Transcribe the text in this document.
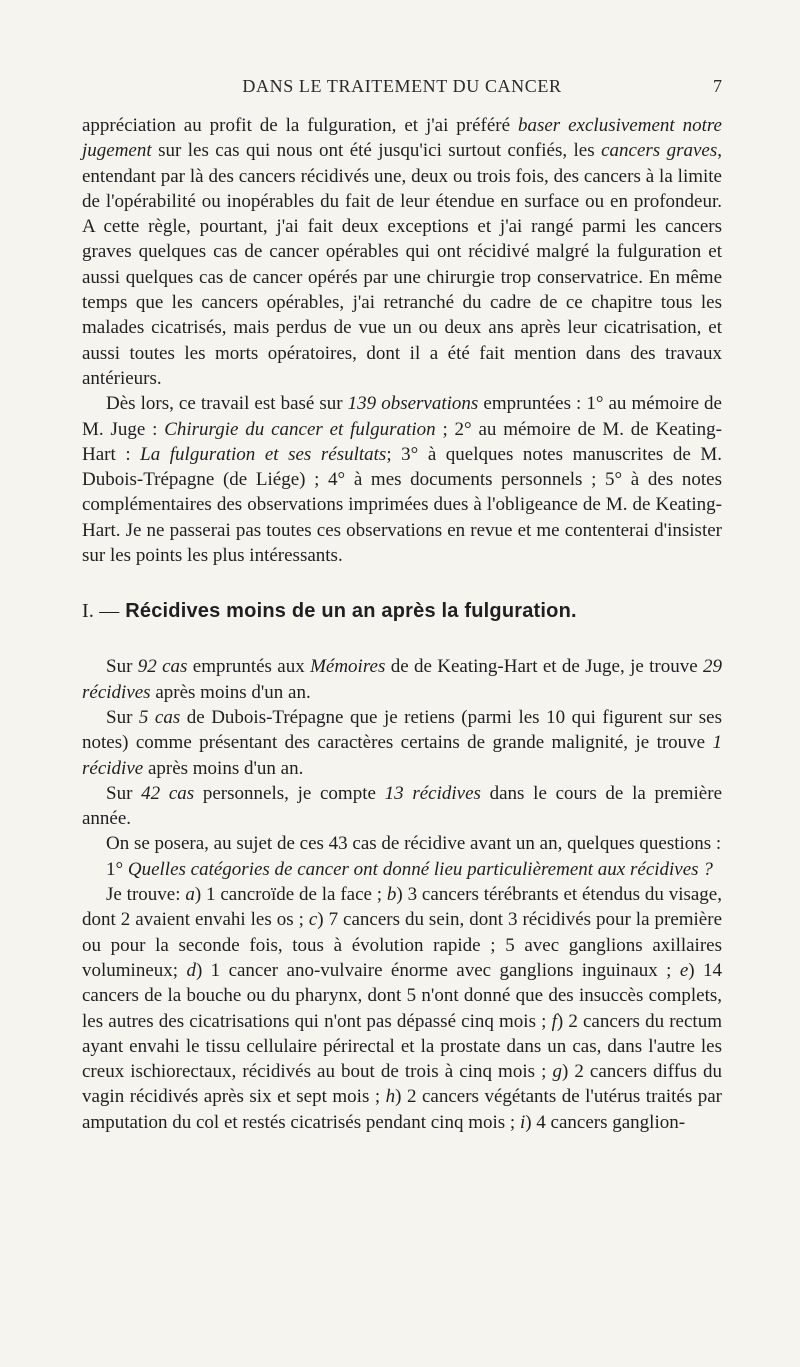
DANS LE TRAITEMENT DU CANCER	7

appréciation au profit de la fulguration, et j'ai préféré baser exclusivement notre jugement sur les cas qui nous ont été jusqu'ici surtout confiés, les cancers graves, entendant par là des cancers récidivés une, deux ou trois fois, des cancers à la limite de l'opérabilité ou inopérables du fait de leur étendue en surface ou en profondeur. A cette règle, pourtant, j'ai fait deux exceptions et j'ai rangé parmi les cancers graves quelques cas de cancer opérables qui ont récidivé malgré la fulguration et aussi quelques cas de cancer opérés par une chirurgie trop conservatrice. En même temps que les cancers opérables, j'ai retranché du cadre de ce chapitre tous les malades cicatrisés, mais perdus de vue un ou deux ans après leur cicatrisation, et aussi toutes les morts opératoires, dont il a été fait mention dans des travaux antérieurs.

Dès lors, ce travail est basé sur 139 observations empruntées : 1° au mémoire de M. Juge : Chirurgie du cancer et fulguration ; 2° au mémoire de M. de Keating-Hart : La fulguration et ses résultats; 3° à quelques notes manuscrites de M. Dubois-Trépagne (de Liége) ; 4° à mes documents personnels ; 5° à des notes complémentaires des observations imprimées dues à l'obligeance de M. de Keating-Hart. Je ne passerai pas toutes ces observations en revue et me contenterai d'insister sur les points les plus intéressants.

I. — Récidives moins de un an après la fulguration.

Sur 92 cas empruntés aux Mémoires de de Keating-Hart et de Juge, je trouve 29 récidives après moins d'un an.

Sur 5 cas de Dubois-Trépagne que je retiens (parmi les 10 qui figurent sur ses notes) comme présentant des caractères certains de grande malignité, je trouve 1 récidive après moins d'un an.

Sur 42 cas personnels, je compte 13 récidives dans le cours de la première année.

On se posera, au sujet de ces 43 cas de récidive avant un an, quelques questions :

1° Quelles catégories de cancer ont donné lieu particulièrement aux récidives ?

Je trouve: a) 1 cancroïde de la face ; b) 3 cancers térébrants et étendus du visage, dont 2 avaient envahi les os ; c) 7 cancers du sein, dont 3 récidivés pour la première ou pour la seconde fois, tous à évolution rapide ; 5 avec ganglions axillaires volumineux; d) 1 cancer ano-vulvaire énorme avec ganglions inguinaux ; e) 14 cancers de la bouche ou du pharynx, dont 5 n'ont donné que des insuccès complets, les autres des cicatrisations qui n'ont pas dépassé cinq mois ; f) 2 cancers du rectum ayant envahi le tissu cellulaire périrectal et la prostate dans un cas, dans l'autre les creux ischiorectaux, récidivés au bout de trois à cinq mois ; g) 2 cancers diffus du vagin récidivés après six et sept mois ; h) 2 cancers végétants de l'utérus traités par amputation du col et restés cicatrisés pendant cinq mois ; i) 4 cancers ganglion-
